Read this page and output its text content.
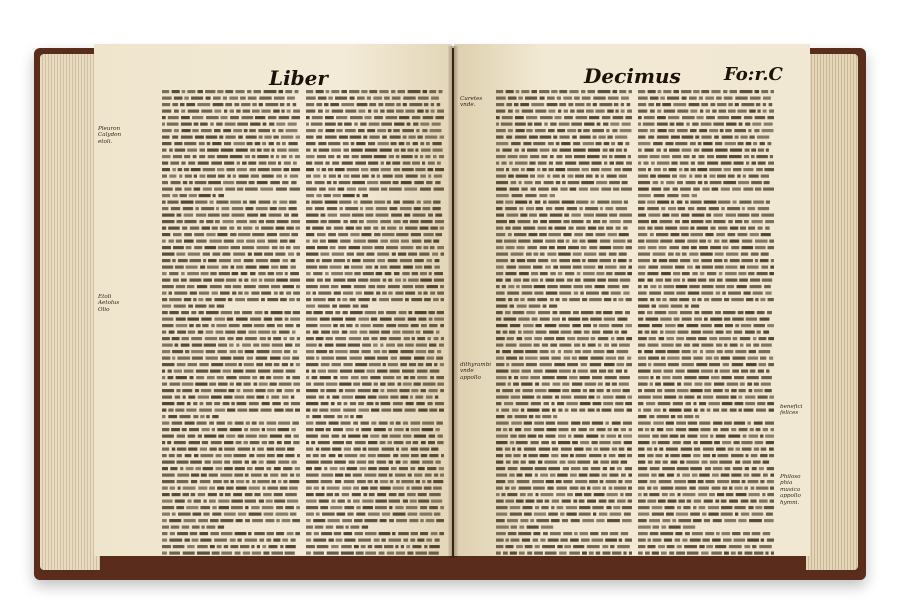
Liber
Pleuron
Calydon
etoli.
Etoli
Aetolus
Olio
Decimus Fo:r.C
Curetes
vnde.
dithyrambi
vnde
appollo
benefici
felices
Philoso
phia
musica
appollo
hymni.
